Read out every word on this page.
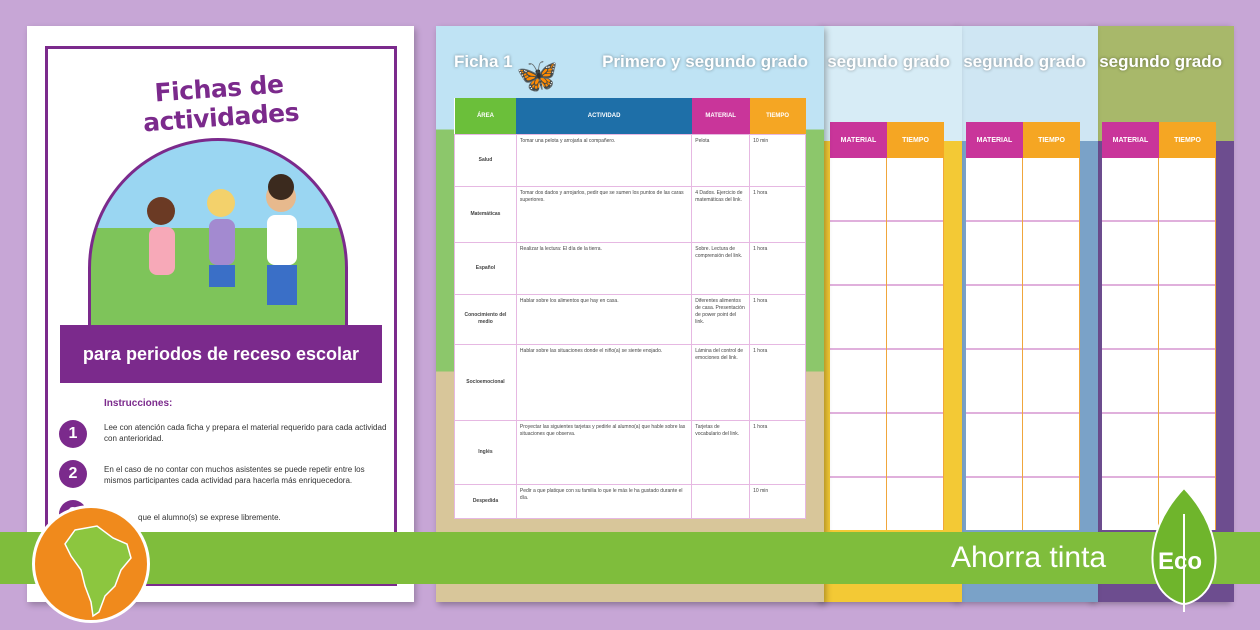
segundo grado
MATERIAL	TIEMPO
segundo grado
MATERIAL	TIEMPO
segundo grado
MATERIAL	TIEMPO
Ficha 1	Primero y segundo grado
🦋
ÁREA	ACTIVIDAD	MATERIAL	TIEMPO
Salud	Tomar una pelota y arrojarla al compañero.	Pelota	10 min
Matemáticas	Tomar dos dados y arrojarlos, pedir que se sumen los puntos de las caras superiores.	4 Dados. Ejercicio de matemáticas del link.	1 hora
Español	Realizar la lectura: El día de la tierra.	Sobre. Lectura de comprensión del link.	1 hora
Conocimiento del medio	Hablar sobre los alimentos que hay en casa.	Diferentes alimentos de casa. Presentación de power point del link.	1 hora
Socioemocional	Hablar sobre las situaciones donde el niño(a) se siente enojado.	Lámina del control de emociones del link.	1 hora
Inglés	Proyectar las siguientes tarjetas y pedirle al alumno(a) que hable sobre las situaciones que observa.	Tarjetas de vocabulario del link.	1 hora
Despedida	Pedir a que platique con su familia lo que le más le ha gustado durante el día.		10 min
Fichas de actividades
para periodos de receso escolar
Instrucciones:
1	Lee con atención cada ficha y prepara el material requerido para cada actividad con anterioridad.
2	En el caso de no contar con muchos asistentes se puede repetir entre los mismos participantes cada actividad para hacerla más enriquecedora.
que el alumno(s) se exprese libremente.
Ahorra tinta Eco
